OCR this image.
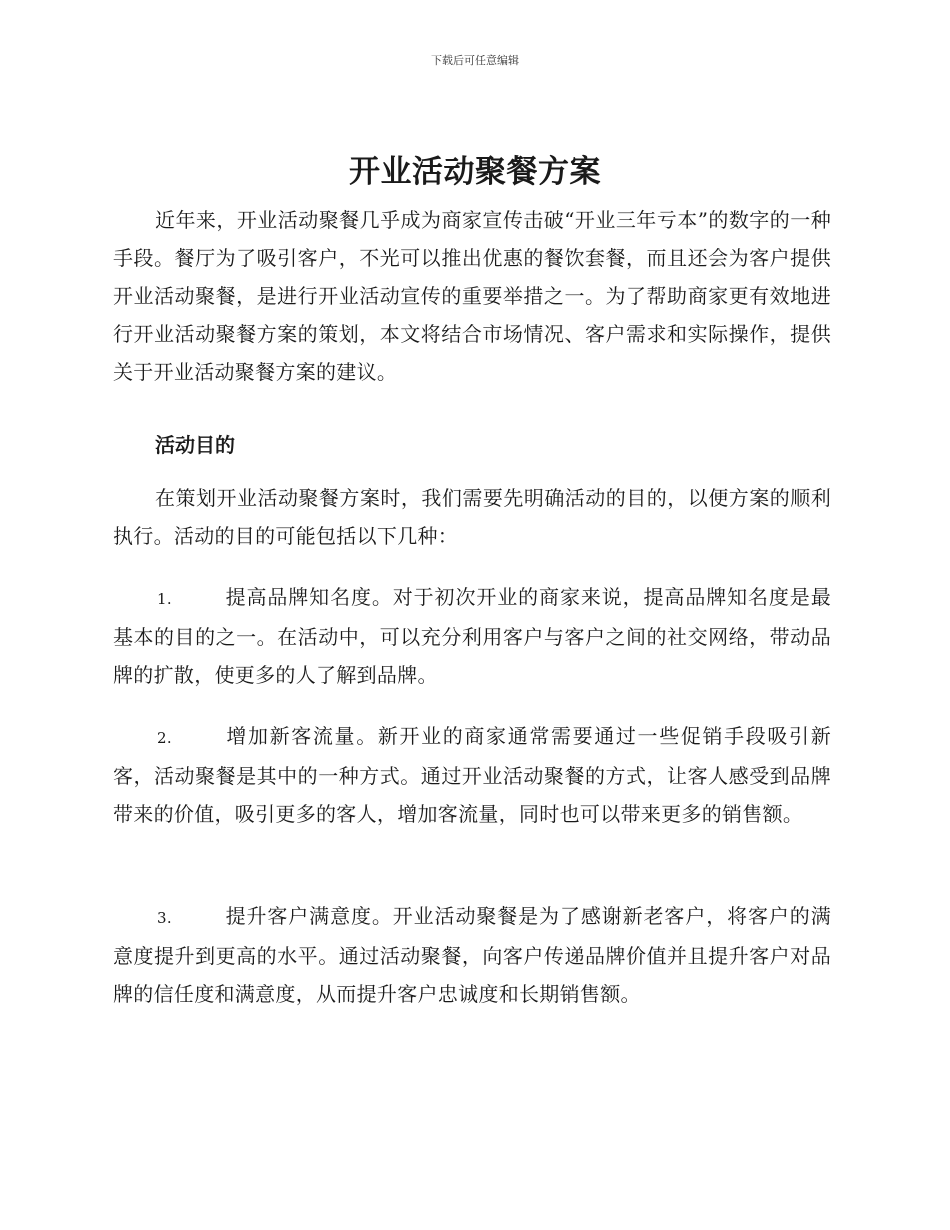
下载后可任意编辑
开业活动聚餐方案

近年来，开业活动聚餐几乎成为商家宣传击破“开业三年亏本”的数字的一种手段。餐厅为了吸引客户，不光可以推出优惠的餐饮套餐，而且还会为客户提供开业活动聚餐，是进行开业活动宣传的重要举措之一。为了帮助商家更有效地进行开业活动聚餐方案的策划，本文将结合市场情况、客户需求和实际操作，提供关于开业活动聚餐方案的建议。

活动目的

在策划开业活动聚餐方案时，我们需要先明确活动的目的，以便方案的顺利执行。活动的目的可能包括以下几种：

1.	提高品牌知名度。对于初次开业的商家来说，提高品牌知名度是最基本的目的之一。在活动中，可以充分利用客户与客户之间的社交网络，带动品牌的扩散，使更多的人了解到品牌。

2.	增加新客流量。新开业的商家通常需要通过一些促销手段吸引新客，活动聚餐是其中的一种方式。通过开业活动聚餐的方式，让客人感受到品牌带来的价值，吸引更多的客人，增加客流量，同时也可以带来更多的销售额。

3.	提升客户满意度。开业活动聚餐是为了感谢新老客户，将客户的满意度提升到更高的水平。通过活动聚餐，向客户传递品牌价值并且提升客户对品牌的信任度和满意度，从而提升客户忠诚度和长期销售额。
